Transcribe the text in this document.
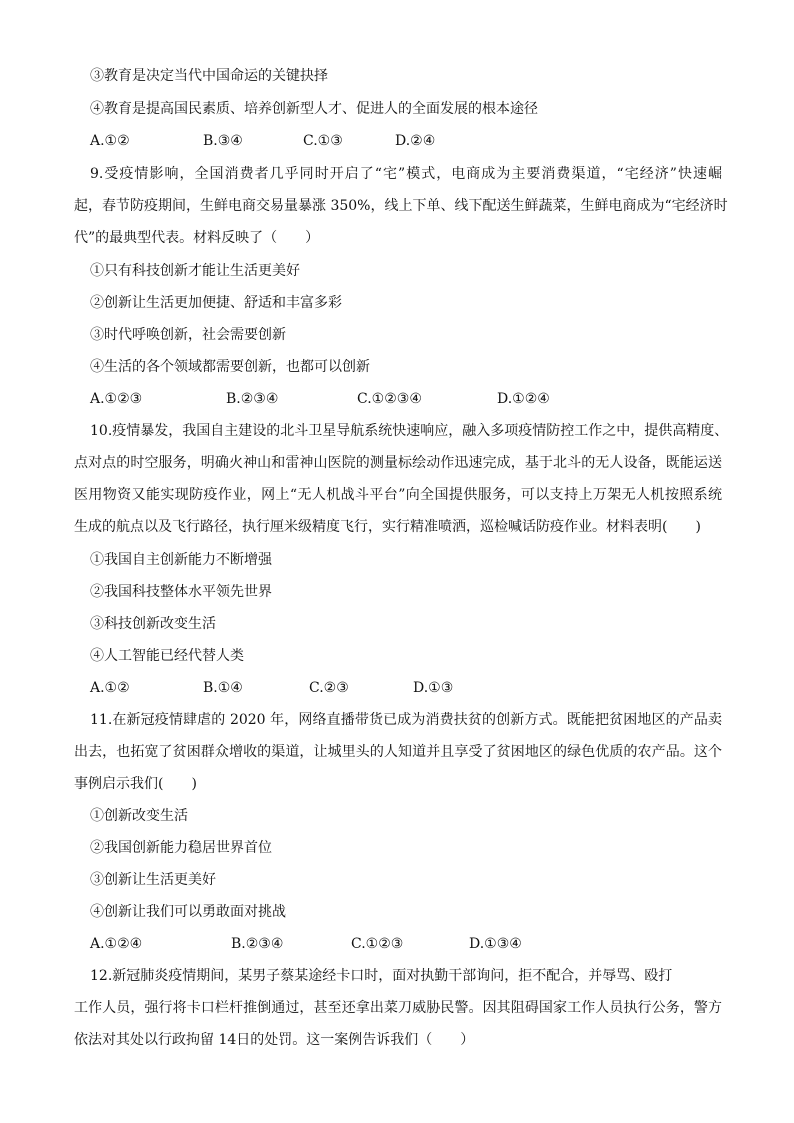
③教育是决定当代中国命运的关键抉择
④教育是提高国民素质、培养创新型人才、促进人的全面发展的根本途径
A.①②	B.③④	C.①③	D.②④
9.受疫情影响，全国消费者几乎同时开启了“宅”模式，电商成为主要消费渠道，“宅经济”快速崛
起，春节防疫期间，生鲜电商交易量暴涨 350%，线上下单、线下配送生鲜蔬菜，生鲜电商成为“宅经济时
代”的最典型代表。材料反映了（　　）
①只有科技创新才能让生活更美好
②创新让生活更加便捷、舒适和丰富多彩
③时代呼唤创新，社会需要创新
④生活的各个领域都需要创新，也都可以创新
A.①②③	B.②③④	C.①②③④	D.①②④
10.疫情暴发，我国自主建设的北斗卫星导航系统快速响应，融入多项疫情防控工作之中，提供高精度、
点对点的时空服务，明确火神山和雷神山医院的测量标绘动作迅速完成，基于北斗的无人设备，既能运送
医用物资又能实现防疫作业，网上“无人机战斗平台”向全国提供服务，可以支持上万架无人机按照系统
生成的航点以及飞行路径，执行厘米级精度飞行，实行精准喷洒，巡检喊话防疫作业。材料表明(　　)
①我国自主创新能力不断增强
②我国科技整体水平领先世界
③科技创新改变生活
④人工智能已经代替人类
A.①②	B.①④	C.②③	D.①③
11.在新冠疫情肆虐的 2020 年，网络直播带货已成为消费扶贫的创新方式。既能把贫困地区的产品卖
出去，也拓宽了贫困群众增收的渠道，让城里头的人知道并且享受了贫困地区的绿色优质的农产品。这个
事例启示我们(　　)
①创新改变生活
②我国创新能力稳居世界首位
③创新让生活更美好
④创新让我们可以勇敢面对挑战
A.①②④	B.②③④	C.①②③	D.①③④
12.新冠肺炎疫情期间，某男子蔡某途经卡口时，面对执勤干部询问，拒不配合，并辱骂、殴打
工作人员，强行将卡口栏杆推倒通过，甚至还拿出菜刀威胁民警。因其阻碍国家工作人员执行公务，警方
依法对其处以行政拘留 14日的处罚。这一案例告诉我们（　　）
